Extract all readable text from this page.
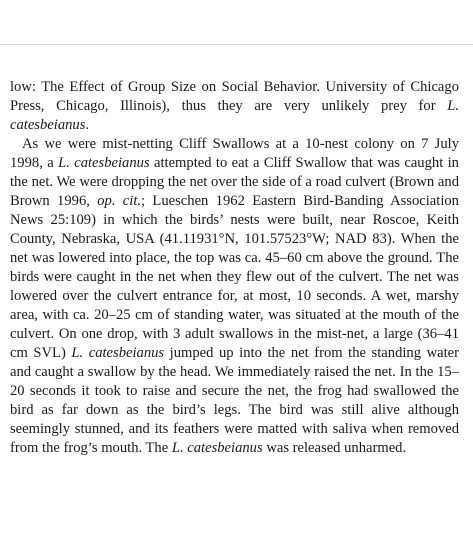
low: The Effect of Group Size on Social Behavior. University of Chicago Press, Chicago, Illinois), thus they are very unlikely prey for L. catesbeianus.

As we were mist-netting Cliff Swallows at a 10-nest colony on 7 July 1998, a L. catesbeianus attempted to eat a Cliff Swallow that was caught in the net. We were dropping the net over the side of a road culvert (Brown and Brown 1996, op. cit.; Lueschen 1962 Eastern Bird-Banding Association News 25:109) in which the birds’ nests were built, near Roscoe, Keith County, Nebraska, USA (41.11931°N, 101.57523°W; NAD 83). When the net was lowered into place, the top was ca. 45–60 cm above the ground. The birds were caught in the net when they flew out of the culvert. The net was lowered over the culvert entrance for, at most, 10 seconds. A wet, marshy area, with ca. 20–25 cm of standing water, was situated at the mouth of the culvert. On one drop, with 3 adult swallows in the mist-net, a large (36–41 cm SVL) L. catesbeianus jumped up into the net from the standing water and caught a swallow by the head. We immediately raised the net. In the 15–20 seconds it took to raise and secure the net, the frog had swallowed the bird as far down as the bird’s legs. The bird was still alive although seemingly stunned, and its feathers were matted with saliva when removed from the frog’s mouth. The L. catesbeianus was released unharmed.
